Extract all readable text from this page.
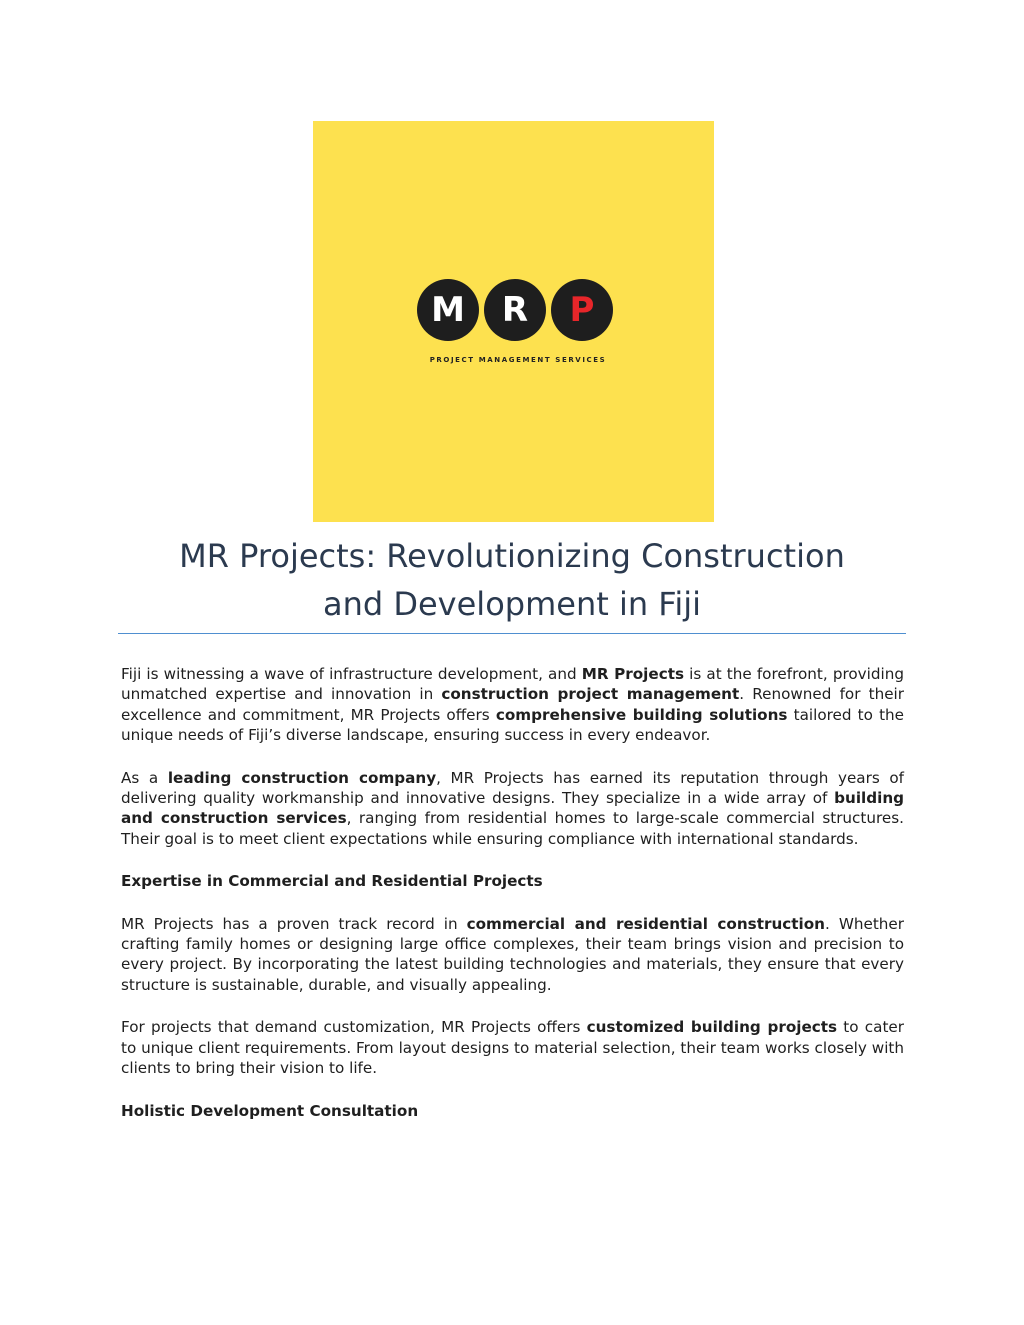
M	R	P
PROJECT MANAGEMENT SERVICES
MR Projects: Revolutionizing Construction
and Development in Fiji

Fiji is witnessing a wave of infrastructure development, and MR Projects is at the forefront, providing unmatched expertise and innovation in construction project management. Renowned for their excellence and commitment, MR Projects offers comprehensive building solutions tailored to the unique needs of Fiji’s diverse landscape, ensuring success in every endeavor.

As a leading construction company, MR Projects has earned its reputation through years of delivering quality workmanship and innovative designs. They specialize in a wide array of building and construction services, ranging from residential homes to large-scale commercial structures. Their goal is to meet client expectations while ensuring compliance with international standards.

Expertise in Commercial and Residential Projects

MR Projects has a proven track record in commercial and residential construction. Whether crafting family homes or designing large office complexes, their team brings vision and precision to every project. By incorporating the latest building technologies and materials, they ensure that every structure is sustainable, durable, and visually appealing.

For projects that demand customization, MR Projects offers customized building projects to cater to unique client requirements. From layout designs to material selection, their team works closely with clients to bring their vision to life.

Holistic Development Consultation
